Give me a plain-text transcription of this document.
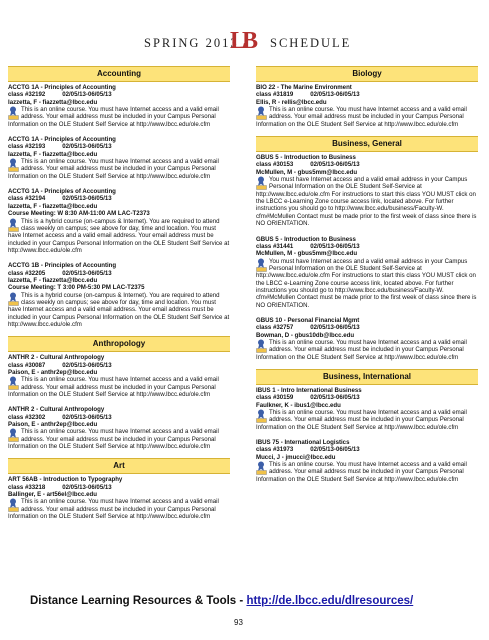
SPRING 2013
L
B SCHEDULE
Accounting
ACCTG 1A - Principles of Accounting
class #32192          02/05/13-06/05/13
Iazzetta, F - fiazzetta@lbcc.edu
This is an online course. You must have Internet access and a valid email address. Your email address must be included in your Campus Personal Information on the OLE Student Self Service at http://www.lbcc.edu/ole.cfm
ACCTG 1A - Principles of Accounting
class #32193          02/05/13-06/05/13
Iazzetta, F - fiazzetta@lbcc.edu
This is an online course. You must have Internet access and a valid email address. Your email address must be included in your Campus Personal Information on the OLE Student Self Service at http://www.lbcc.edu/ole.cfm
ACCTG 1A - Principles of Accounting
class #32194          02/05/13-06/05/13
Iazzetta, F - fiazzetta@lbcc.edu
Course Meeting: W 8:30 AM-11:00 AM LAC-T2373
This is a hybrid course (on-campus & Internet). You are required to attend class weekly on campus; see above for day, time and location. You must have Internet access and a valid email address. Your email address must be included in your Campus Personal Information on the OLE Student Self Service at http://www.lbcc.edu/ole.cfm
ACCTG 1B - Principles of Accounting
class #32205          02/05/13-06/05/13
Iazzetta, F - fiazzetta@lbcc.edu
Course Meeting: T 3:00 PM-5:30 PM LAC-T2375
This is a hybrid course (on-campus & Internet). You are required to attend class weekly on campus; see above for day, time and location. You must have Internet access and a valid email address. Your email address must be included in your Campus Personal Information on the OLE Student Self Service at http://www.lbcc.edu/ole.cfm
Anthropology
ANTHR 2 - Cultural Anthropology
class #30087          02/05/13-06/05/13
Paison, E - anthr2ep@lbcc.edu
This is an online course. You must have Internet access and a valid email address. Your email address must be included in your Campus Personal Information on the OLE Student Self Service at http://www.lbcc.edu/ole.cfm
ANTHR 2 - Cultural Anthropology
class #32302          02/05/13-06/05/13
Paison, E - anthr2ep@lbcc.edu
This is an online course. You must have Internet access and a valid email address. Your email address must be included in your Campus Personal Information on the OLE Student Self Service at http://www.lbcc.edu/ole.cfm
Art
ART 56AB - Introduction to Typography
class #33218          02/05/13-06/05/13
Ballinger, E - art56el@lbcc.edu
This is an online course. You must have Internet access and a valid email address. Your email address must be included in your Campus Personal Information on the OLE Student Self Service at http://www.lbcc.edu/ole.cfm
Biology
BIO 22 - The Marine Environment
class #31819          02/05/13-06/05/13
Ellis, R - rellis@lbcc.edu
This is an online course. You must have Internet access and a valid email address. Your email address must be included in your Campus Personal Information on the OLE Student Self Service at http://www.lbcc.edu/ole.cfm
Business, General
GBUS 5 - Introduction to Business
class #30153          02/05/13-06/05/13
McMullen, M - gbus5mm@lbcc.edu
You must have Internet access and a valid email address in your Campus Personal Information on the OLE Student Self-Service at http://www.lbcc.edu/ole.cfm For instructions to start this class YOU MUST click on the LBCC e-Learning Zone course access link, located above. For further instructions you should go to http://www.lbcc.edu/business/Faculty-W. cfm#McMullen Contact must be made prior to the first week of class since there is NO ORIENTATION.
GBUS 5 - Introduction to Business
class #31441          02/05/13-06/05/13
McMullen, M - gbus5mm@lbcc.edu
You must have Internet access and a valid email address in your Campus Personal Information on the OLE Student Self-Service at http://www.lbcc.edu/ole.cfm For instructions to start this class YOU MUST click on the LBCC e-Learning Zone course access link, located above. For further instructions you should go to http://www.lbcc.edu/business/Faculty-W. cfm#McMullen Contact must be made prior to the first week of class since there is NO ORIENTATION.
GBUS 10 - Personal Financial Mgmt
class #32757          02/05/13-06/05/13
Bowman, D - gbus10db@lbcc.edu
This is an online course. You must have Internet access and a valid email address. Your email address must be included in your Campus Personal Information on the OLE Student Self Service at http://www.lbcc.edu/ole.cfm
Business, International
IBUS 1 - Intro International Business
class #30159          02/05/13-06/05/13
Faulkner, K - ibus1@lbcc.edu
This is an online course. You must have Internet access and a valid email address. Your email address must be included in your Campus Personal Information on the OLE Student Self Service at http://www.lbcc.edu/ole.cfm
IBUS 75 - International Logistics
class #31973          02/05/13-06/05/13
Mucci, J - jmucci@lbcc.edu
This is an online course. You must have Internet access and a valid email address. Your email address must be included in your Campus Personal Information on the OLE Student Self Service at http://www.lbcc.edu/ole.cfm
Distance Learning Resources & Tools - http://de.lbcc.edu/dlresources/
93
